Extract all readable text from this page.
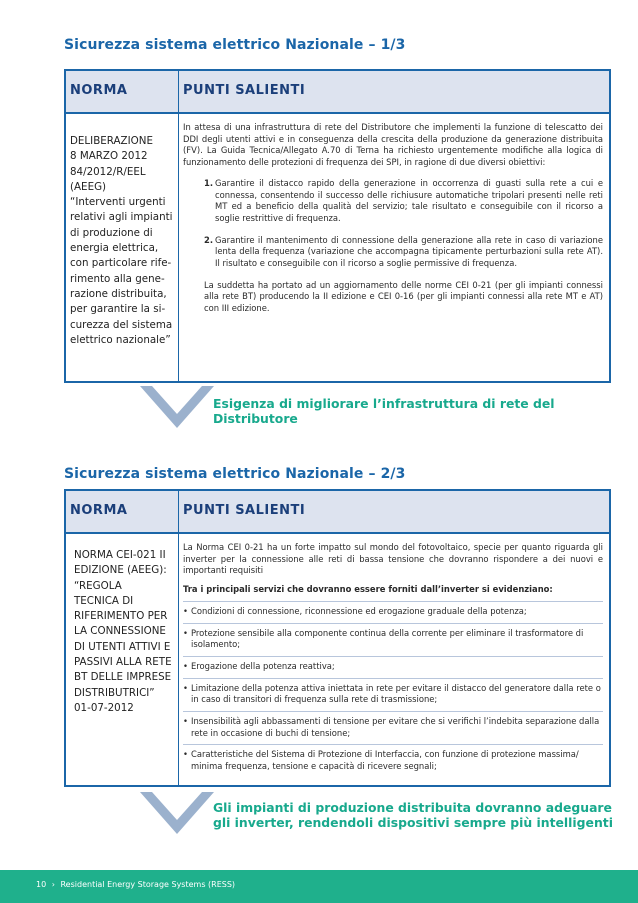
Sicurezza sistema elettrico Nazionale – 1/3
NORMA	PUNTI SALIENTI
DELIBERAZIONE
8 MARZO 2012
84/2012/R/EEL
(AEEG)
“Interventi urgenti
relativi agli impianti
di produzione di
energia elettrica,
con particolare rife-
rimento alla gene-
razione distribuita,
per garantire la si-
curezza del sistema
elettrico nazionale”

In attesa di una infrastruttura di rete del Distributore che implementi la funzione di telescatto dei DDI degli utenti attivi e in conseguenza della crescita della produzione da generazione distribuita (FV). La Guida Tecnica/Allegato A.70 di Terna ha richiesto urgentemente modifiche alla logica di funzionamento delle protezioni di frequenza dei SPI, in ragione di due diversi obiettivi:

1. Garantire il distacco rapido della generazione in occorrenza di guasti sulla rete a cui e connessa, consentendo il successo delle richiusure automatiche tripolari presenti nelle reti MT ed a beneficio della qualità del servizio; tale risultato e conseguibile con il ricorso a soglie restrittive di frequenza.

2. Garantire il mantenimento di connessione della generazione alla rete in caso di variazione lenta della frequenza (variazione che accompagna tipicamente perturbazioni sulla rete AT). Il risultato e conseguibile con il ricorso a soglie permissive di frequenza.

La suddetta ha portato ad un aggiornamento delle norme CEI 0-21 (per gli impianti connessi alla rete BT) producendo la II edizione e CEI 0-16 (per gli impianti connessi alla rete MT e AT) con III edizione.

Esigenza di migliorare l’infrastruttura di rete del
Distributore
Sicurezza sistema elettrico Nazionale – 2/3
NORMA	PUNTI SALIENTI
NORMA CEI-021 II
EDIZIONE (AEEG):
“REGOLA
TECNICA DI
RIFERIMENTO PER
LA CONNESSIONE
DI UTENTI ATTIVI E
PASSIVI ALLA RETE
BT DELLE IMPRESE
DISTRIBUTRICI”
01-07-2012

La Norma CEI 0-21 ha un forte impatto sul mondo del fotovoltaico, specie per quanto riguarda gli inverter per la connessione alle reti di bassa tensione che dovranno rispondere a dei nuovi e importanti requisiti

Tra i principali servizi che dovranno essere forniti dall’inverter si evidenziano:

• Condizioni di connessione, riconnessione ed erogazione graduale della potenza;
• Protezione sensibile alla componente continua della corrente per eliminare il trasformatore di isolamento;
• Erogazione della potenza reattiva;
• Limitazione della potenza attiva iniettata in rete per evitare il distacco del generatore dalla rete o in caso di transitori di frequenza sulla rete di trasmissione;
• Insensibilità agli abbassamenti di tensione per evitare che si verifichi l’indebita separazione dalla rete in occasione di buchi di tensione;
• Caratteristiche del Sistema di Protezione di Interfaccia, con funzione di protezione massima/ minima frequenza, tensione e capacità di ricevere segnali;
Gli impianti di produzione distribuita dovranno adeguare
gli inverter, rendendoli dispositivi sempre più intelligenti
10 › Residential Energy Storage Systems (RESS)
